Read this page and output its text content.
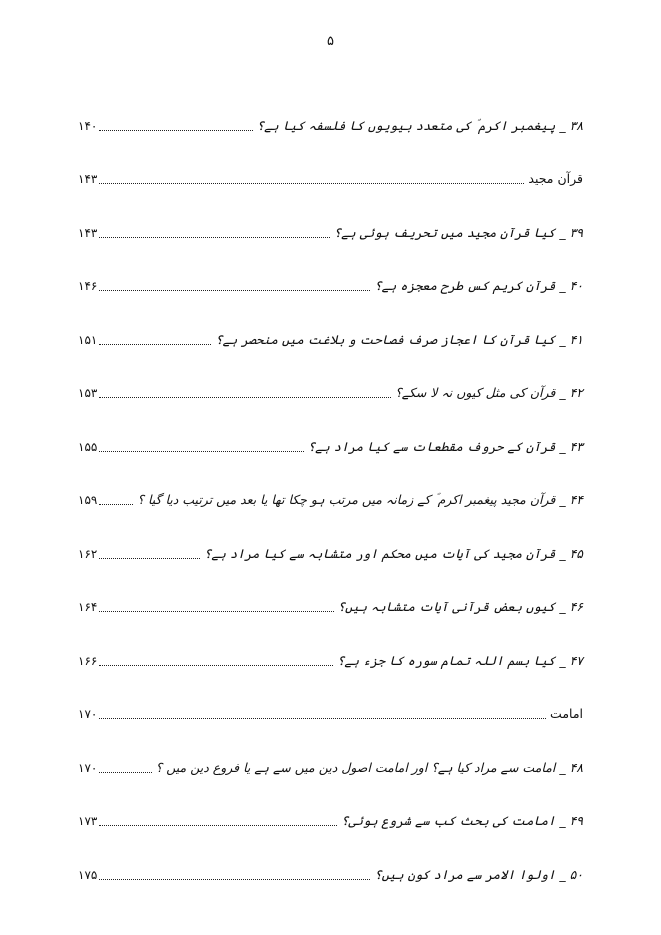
۵
۳۸ _ پیغمبر اکرم ؐ کی متعدد بیویوں کا فلسفہ کیا ہے؟
۱۴۰
قرآن مجید
۱۴۳
۳۹ _ کیا قرآن مجید میں تحریف ہوئی ہے؟
۱۴۳
۴۰ _ قرآن کریم کس طرح معجزہ ہے؟
۱۴۶
۴۱ _ کیا قرآن کا اعجاز صرف فصاحت و بلاغت میں منحصر ہے؟
۱۵۱
۴۲ _ قرآن کی مثل کیوں نہ لا سکے؟
۱۵۳
۴۳ _ قرآن کے حروف مقطعات سے کیا مراد ہے؟
۱۵۵
۴۴ _ قرآن مجید پیغمبر اکرم ؐ کے زمانہ میں مرتب ہو چکا تھا یا بعد میں ترتیب دیا گیا ؟
۱۵۹
۴۵ _ قرآن مجید کی آیات میں محکم اور متشابہ سے کیا مراد ہے؟
۱۶۲
۴۶ _ کیوں بعض قرآنی آیات متشابہ ہیں؟
۱۶۴
۴۷ _ کیا بسم اللہ تمام سورہ کا جزء ہے؟
۱۶۶
امامت
۱۷۰
۴۸ _ امامت سے مراد کیا ہے؟ اور امامت اصول دین میں سے ہے یا فروع دین میں ؟
۱۷۰
۴۹ _ امامت کی بحث کب سے شروع ہوئی؟
۱۷۳
۵۰ _ اولوا الامر سے مراد کون ہیں؟
۱۷۵
